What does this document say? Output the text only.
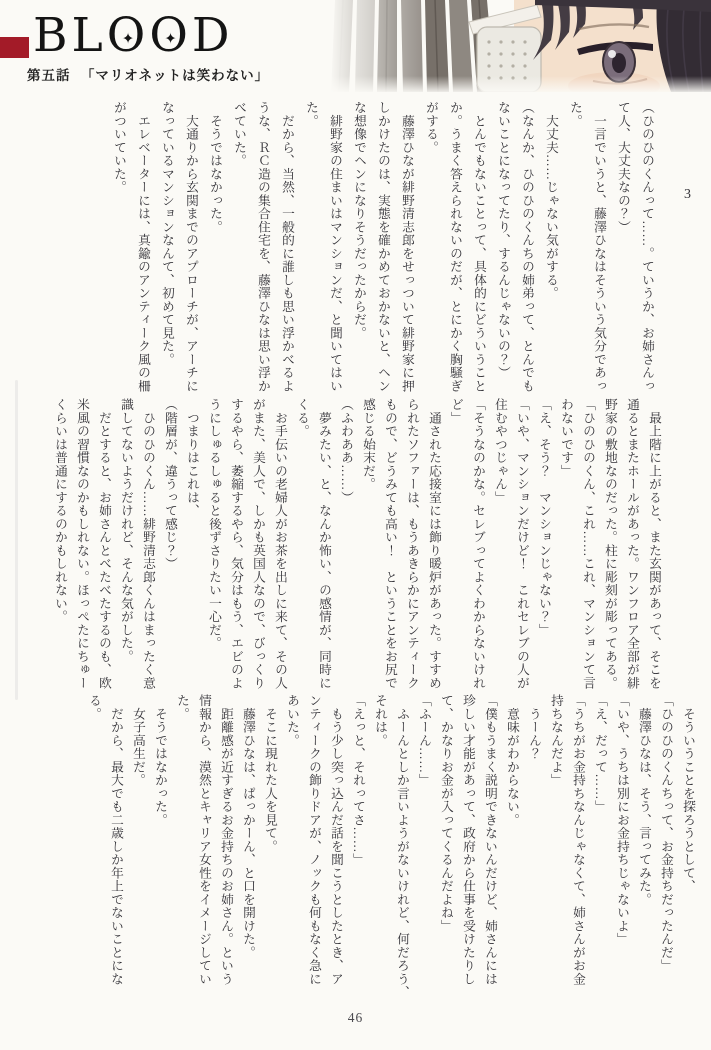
B L O ✦ O ✦ D
第五話 「マリオネットは笑わない」
3
（ひのひのくんって……。ていうか、お姉さんっ
て人、大丈夫なの？）
　一言でいうと、藤澤ひなはそういう気分であっ
た。
　大丈夫……じゃない気がする。
（なんか、ひのひのくんちの姉弟って、とんでも
ないことになってたり、するんじゃないの？）
　とんでもないことって、具体的にどういうこと
か。うまく答えられないのだが、とにかく胸騒ぎ
がする。
　藤澤ひなが緋野清志郎をせっついて緋野家に押
しかけたのは、実態を確かめておかないと、ヘン
な想像でヘンになりそうだったからだ。
　緋野家の住まいはマンションだ、と聞いてはい
た。
　だから、当然、一般的に誰しも思い浮かべるよ
うな、ＲＣ造の集合住宅を、藤澤ひなは思い浮か
べていた。
　そうではなかった。
　大通りから玄関までのアプローチが、アーチに
なっているマンションなんて、初めて見た。
　エレベーターには、真鍮のアンティーク風の柵
がついていた。
　最上階に上がると、また玄関があって、そこを
通るとまたホールがあった。ワンフロア全部が緋
野家の敷地なのだった。柱に彫刻が彫ってある。
「ひのひのくん、これ……これ、マンションて言
わないです」
「え、そう？　マンションじゃない？」
「いや、マンションだけど！　これセレブの人が
住むやつじゃん」
「そうなのかな。セレブってよくわからないけれ
ど」
　通された応接室には飾り暖炉があった。すすめ
られたソファーは、もうあきらかにアンティーク
もので、どうみても高い！　ということをお尻で
感じる始末だ。
（ふわああ……）
　夢みたい、と、なんか怖い、の感情が、同時に
くる。
　お手伝いの老婦人がお茶を出しに来て、その人
がまた、美人で、しかも英国人なので、びっくり
するやら、萎縮するやら、気分はもう、エビのよ
うにしゅるしゅると後ずさりたい一心だ。
　つまりはこれは、
（階層が、違うって感じ？）
　ひのひのくん……緋野清志郎くんはまったく意
識してないようだけれど、そんな気がした。
　だとすると、お姉さんとべたべたするのも、欧
米風の習慣なのかもしれない。ほっぺたにちゅー
くらいは普通にするのかもしれない。
　そういうことを探ろうとして、
「ひのひのくんちって、お金持ちだったんだ」
　藤澤ひなは、そう、言ってみた。
「いや、うちは別にお金持ちじゃないよ」
「え、だって……」
「うちがお金持ちなんじゃなくて、姉さんがお金
持ちなんだよ」
　うーん？
　意味がわからない。
「僕もうまく説明できないんだけど、姉さんには
珍しい才能があって、政府から仕事を受けたりし
て、かなりお金が入ってくるんだよね」
「ふーん……」
　ふーんとしか言いようがないけれど、何だろう、
それは。
「えっと、それってさ……」
　もう少し突っ込んだ話を聞こうとしたとき、ア
ンティークの飾りドアが、ノックも何もなく急に
あいた。
　そこに現れた人を見て。
　藤澤ひなは、ぱっかーん、と口を開けた。
　距離感が近すぎるお金持ちのお姉さん。という
情報から、漠然とキャリア女性をイメージしてい
た。
　そうではなかった。
　女子高生だ。
　だから、最大でも二歳しか年上でないことにな
る。
46
